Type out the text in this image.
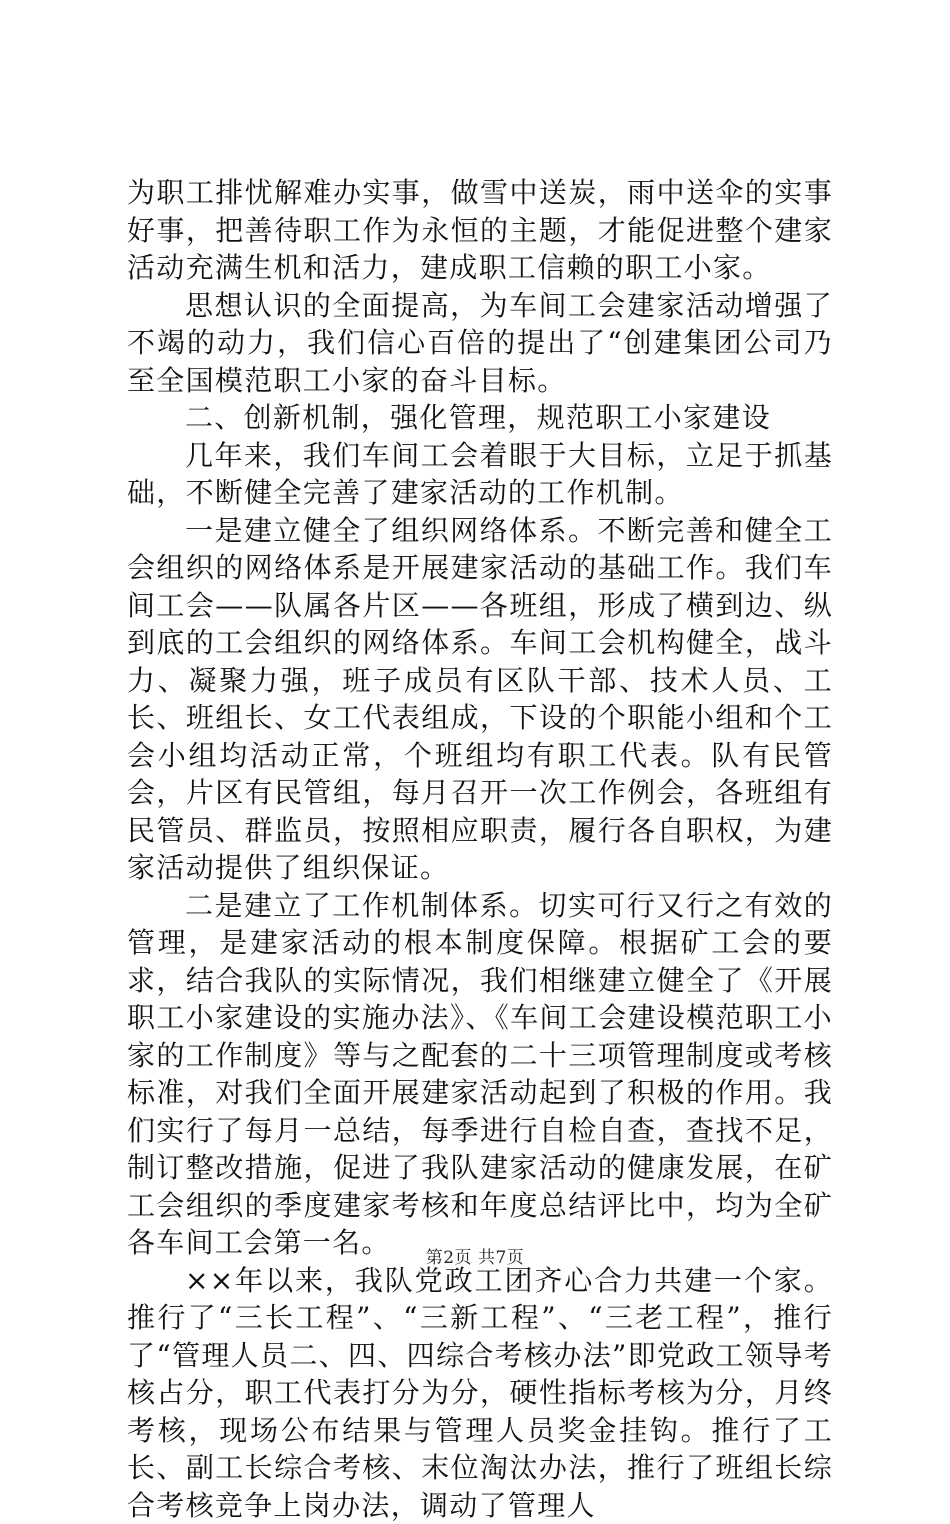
为职工排忧解难办实事，做雪中送炭，雨中送伞的实事好事，把善待职工作为永恒的主题，才能促进整个建家活动充满生机和活力，建成职工信赖的职工小家。

思想认识的全面提高，为车间工会建家活动增强了不竭的动力，我们信心百倍的提出了“创建集团公司乃至全国模范职工小家的奋斗目标。

二、创新机制，强化管理，规范职工小家建设

几年来，我们车间工会着眼于大目标，立足于抓基础，不断健全完善了建家活动的工作机制。

一是建立健全了组织网络体系。不断完善和健全工会组织的网络体系是开展建家活动的基础工作。我们车间工会——队属各片区——各班组，形成了横到边、纵到底的工会组织的网络体系。车间工会机构健全，战斗力、凝聚力强，班子成员有区队干部、技术人员、工长、班组长、女工代表组成，下设的个职能小组和个工会小组均活动正常，个班组均有职工代表。队有民管会，片区有民管组，每月召开一次工作例会，各班组有民管员、群监员，按照相应职责，履行各自职权，为建家活动提供了组织保证。

二是建立了工作机制体系。切实可行又行之有效的管理，是建家活动的根本制度保障。根据矿工会的要求，结合我队的实际情况，我们相继建立健全了《开展职工小家建设的实施办法》、《车间工会建设模范职工小家的工作制度》等与之配套的二十三项管理制度或考核标准，对我们全面开展建家活动起到了积极的作用。我们实行了每月一总结，每季进行自检自查，查找不足，制订整改措施，促进了我队建家活动的健康发展，在矿工会组织的季度建家考核和年度总结评比中，均为全矿各车间工会第一名。

××年以来，我队党政工团齐心合力共建一个家。推行了“三长工程”、“三新工程”、“三老工程”，推行了“管理人员二、四、四综合考核办法”即党政工领导考核占分，职工代表打分为分，硬性指标考核为分，月终考核，现场公布结果与管理人员奖金挂钩。推行了工长、副工长综合考核、末位淘汰办法，推行了班组长综合考核竞争上岗办法，调动了管理人

第2页 共7页
